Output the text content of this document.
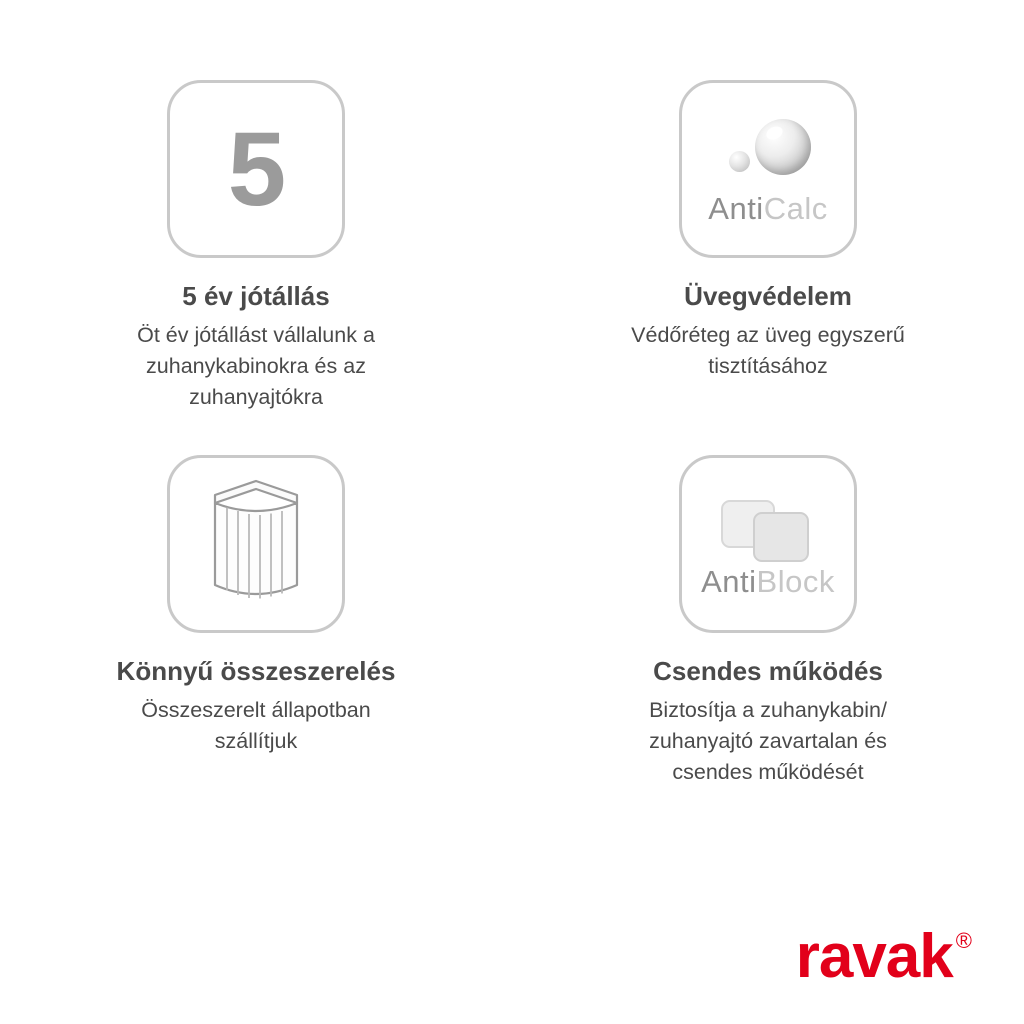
5
5 év jótállás
Öt év jótállást vállalunk a zuhanykabinokra és az zuhanyajtókra
AntiCalc
Üvegvédelem
Védőréteg az üveg egyszerű tisztításához
Könnyű összeszerelés
Összeszerelt állapotban szállítjuk
AntiBlock
Csendes működés
Biztosítja a zuhanykabin/ zuhanyajtó zavartalan és csendes működését
ravak ®
